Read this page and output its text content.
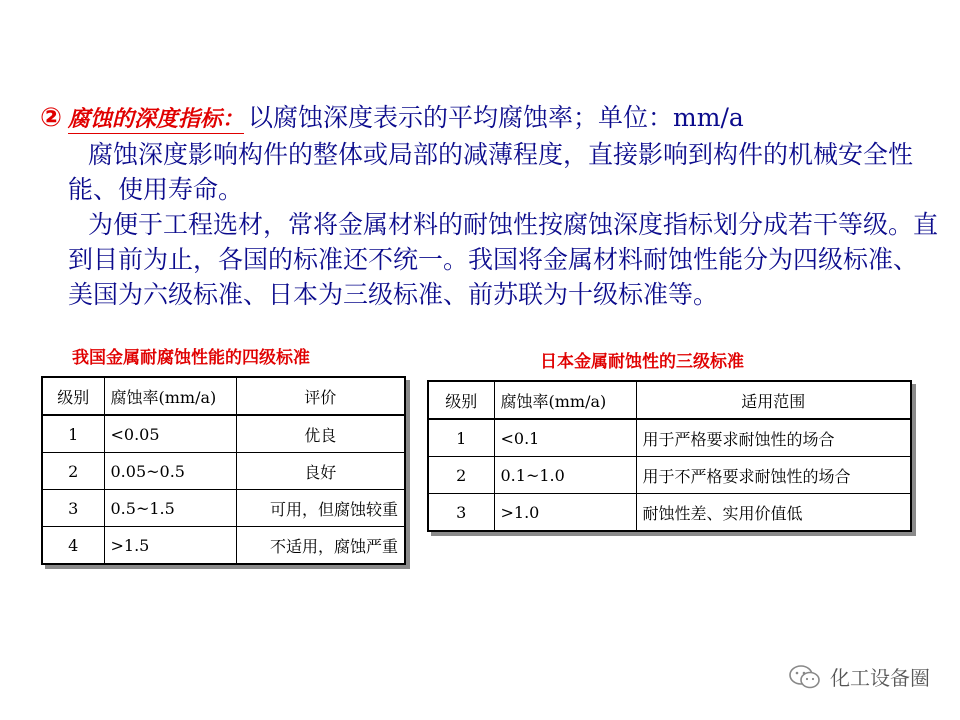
② 腐蚀的深度指标： 以腐蚀深度表示的平均腐蚀率；单位：mm/a
腐蚀深度影响构件的整体或局部的减薄程度，直接影响到构件的机械安全性能、使用寿命。
为便于工程选材，常将金属材料的耐蚀性按腐蚀深度指标划分成若干等级。直到目前为止，各国的标准还不统一。我国将金属材料耐蚀性能分为四级标准、美国为六级标准、日本为三级标准、前苏联为十级标准等。
我国金属耐腐蚀性能的四级标准
级别	腐蚀率(mm/a)	评价
1	<0.05	优良
2	0.05~0.5	良好
3	0.5~1.5	可用，但腐蚀较重
4	>1.5	不适用，腐蚀严重
日本金属耐蚀性的三级标准
级别	腐蚀率(mm/a)	适用范围
1	<0.1	用于严格要求耐蚀性的场合
2	0.1~1.0	用于不严格要求耐蚀性的场合
3	>1.0	耐蚀性差、实用价值低
化工设备圈
